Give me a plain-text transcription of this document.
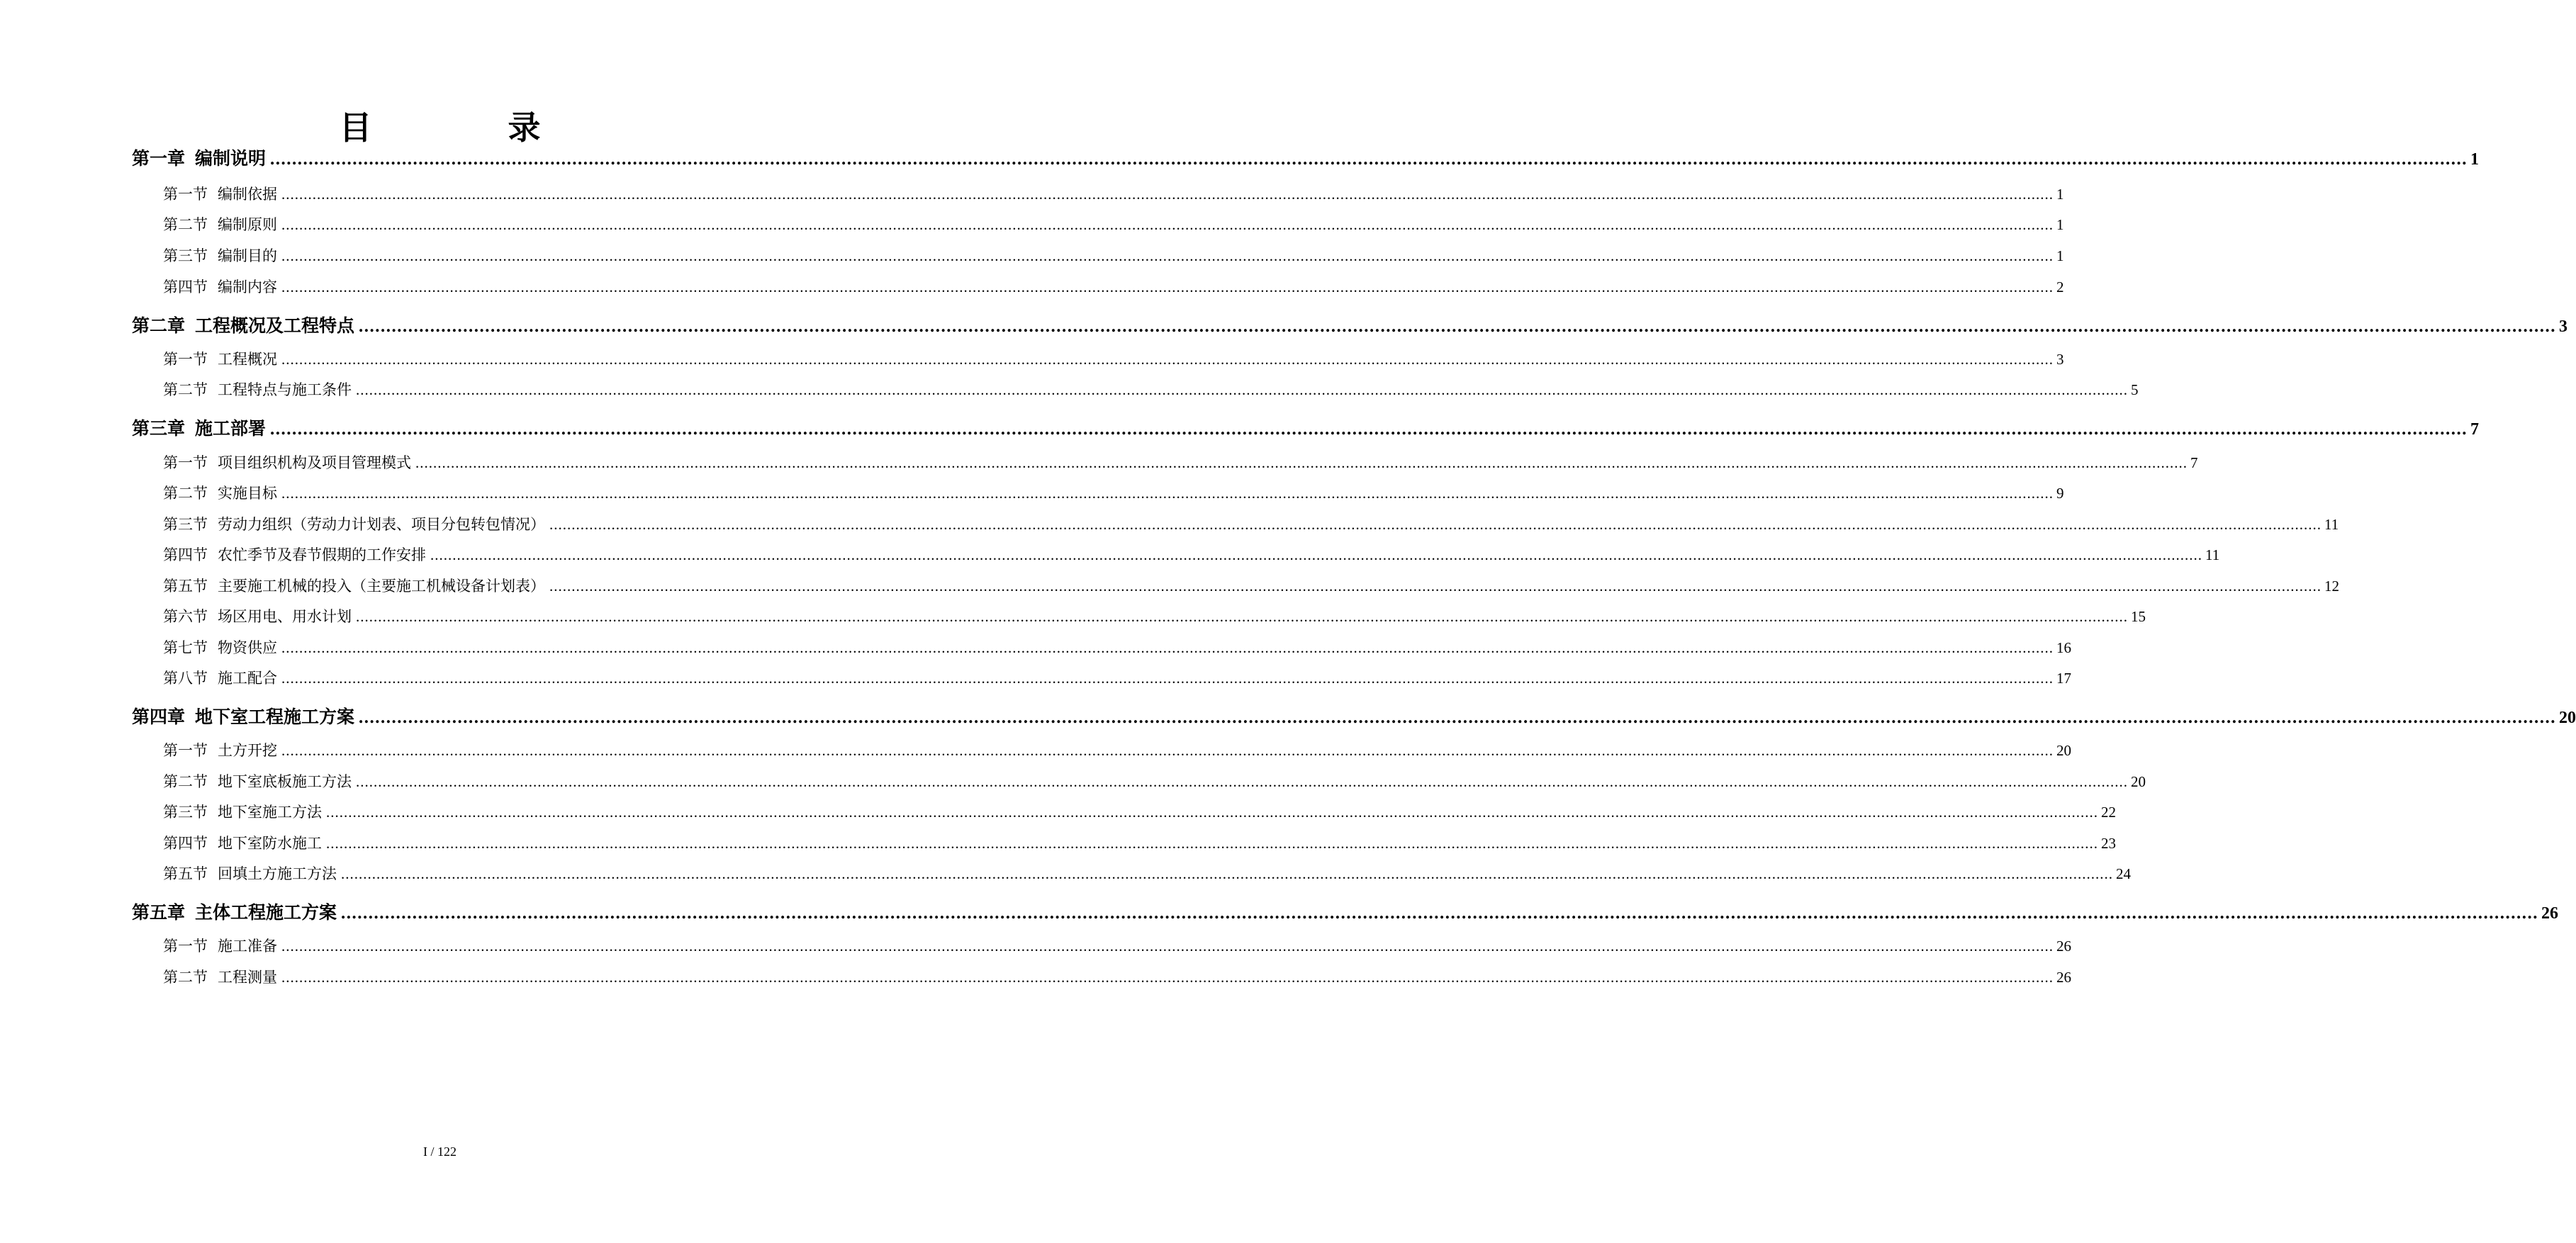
目 录
第一章 编制说明 ................................................................................................................................................................................................................................................................................................................................................................................................................ 1
第一节 编制依据 ................................................................................................................................................................................................................................................................................................................................................................................................................ 1
第二节 编制原则 ................................................................................................................................................................................................................................................................................................................................................................................................................ 1
第三节 编制目的 ................................................................................................................................................................................................................................................................................................................................................................................................................ 1
第四节 编制内容 ................................................................................................................................................................................................................................................................................................................................................................................................................ 2
第二章 工程概况及工程特点 ................................................................................................................................................................................................................................................................................................................................................................................................................ 3
第一节 工程概况 ................................................................................................................................................................................................................................................................................................................................................................................................................ 3
第二节 工程特点与施工条件 ................................................................................................................................................................................................................................................................................................................................................................................................................ 5
第三章 施工部署 ................................................................................................................................................................................................................................................................................................................................................................................................................ 7
第一节 项目组织机构及项目管理模式 ................................................................................................................................................................................................................................................................................................................................................................................................................ 7
第二节 实施目标 ................................................................................................................................................................................................................................................................................................................................................................................................................ 9
第三节 劳动力组织（劳动力计划表、项目分包转包情况） ................................................................................................................................................................................................................................................................................................................................................................................................................ 11
第四节 农忙季节及春节假期的工作安排 ................................................................................................................................................................................................................................................................................................................................................................................................................ 11
第五节 主要施工机械的投入（主要施工机械设备计划表） ................................................................................................................................................................................................................................................................................................................................................................................................................ 12
第六节 场区用电、用水计划 ................................................................................................................................................................................................................................................................................................................................................................................................................ 15
第七节 物资供应 ................................................................................................................................................................................................................................................................................................................................................................................................................ 16
第八节 施工配合 ................................................................................................................................................................................................................................................................................................................................................................................................................ 17
第四章 地下室工程施工方案 ................................................................................................................................................................................................................................................................................................................................................................................................................ 20
第一节 土方开挖 ................................................................................................................................................................................................................................................................................................................................................................................................................ 20
第二节 地下室底板施工方法 ................................................................................................................................................................................................................................................................................................................................................................................................................ 20
第三节 地下室施工方法 ................................................................................................................................................................................................................................................................................................................................................................................................................ 22
第四节 地下室防水施工 ................................................................................................................................................................................................................................................................................................................................................................................................................ 23
第五节 回填土方施工方法 ................................................................................................................................................................................................................................................................................................................................................................................................................ 24
第五章 主体工程施工方案 ................................................................................................................................................................................................................................................................................................................................................................................................................ 26
第一节 施工准备 ................................................................................................................................................................................................................................................................................................................................................................................................................ 26
第二节 工程测量 ................................................................................................................................................................................................................................................................................................................................................................................................................ 26
I / 122
